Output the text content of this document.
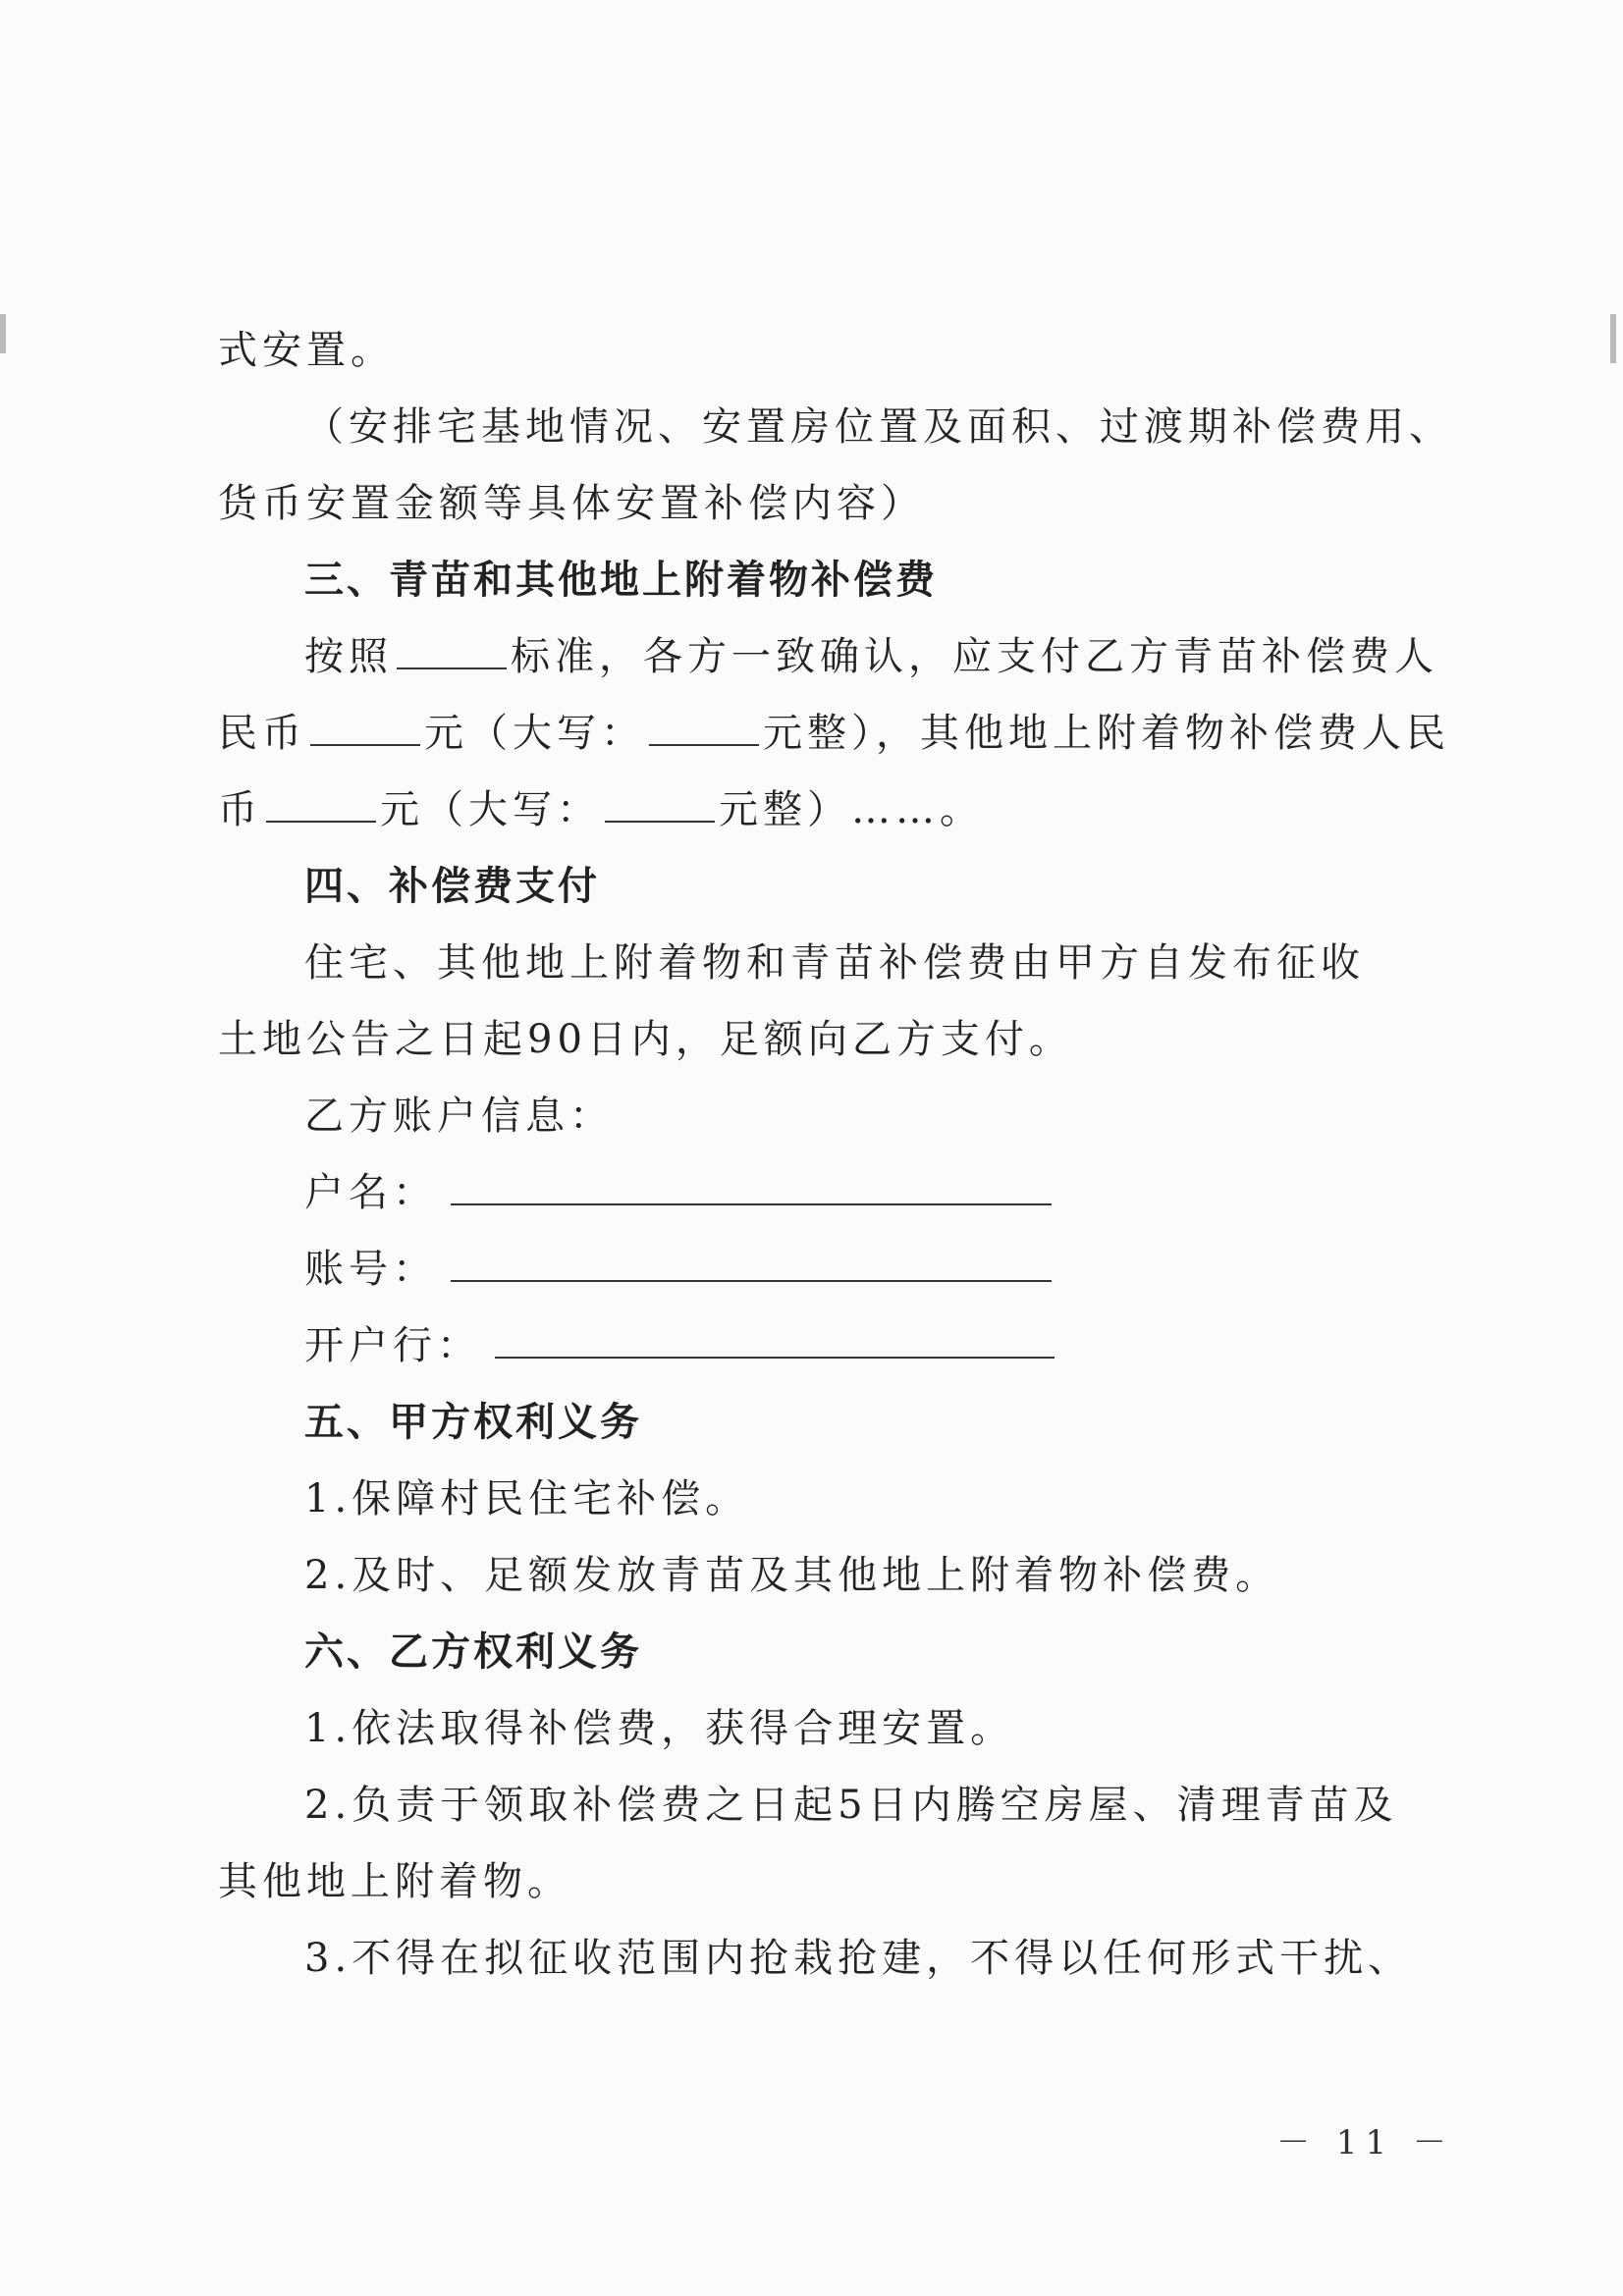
式安置。
（安排宅基地情况、安置房位置及面积、过渡期补偿费用、
货币安置金额等具体安置补偿内容）
三、青苗和其他地上附着物补偿费
按照	标准，各方一致确认，应支付乙方青苗补偿费人
民币	元（大写：	元整），其他地上附着物补偿费人民
币	元（大写：	元整）……。
四、补偿费支付
住宅、其他地上附着物和青苗补偿费由甲方自发布征收
土地公告之日起90日内，足额向乙方支付。
乙方账户信息：
户名：
账号：
开户行：
五、甲方权利义务
1.保障村民住宅补偿。
2.及时、足额发放青苗及其他地上附着物补偿费。
六、乙方权利义务
1.依法取得补偿费，获得合理安置。
2.负责于领取补偿费之日起5日内腾空房屋、清理青苗及
其他地上附着物。
3.不得在拟征收范围内抢栽抢建，不得以任何形式干扰、
－ 11 －
